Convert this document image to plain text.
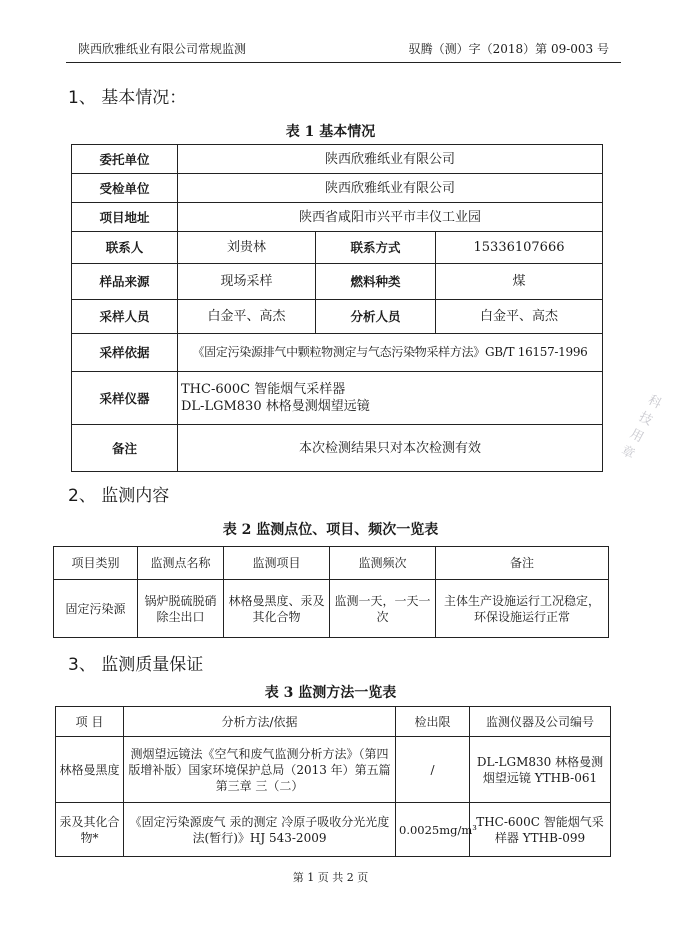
陕西欣雅纸业有限公司常规监测	驭腾（测）字（2018）第 09-003 号
1、 基本情况：
表 1 基本情况
委托单位	陕西欣雅纸业有限公司		
受检单位	陕西欣雅纸业有限公司		
项目地址	陕西省咸阳市兴平市丰仪工业园		
联系人	刘贵林	联系方式	15336107666
样品来源	现场采样	燃料种类	煤
采样人员	白金平、高杰	分析人员	白金平、高杰
采样依据	《固定污染源排气中颗粒物测定与气态污染物采样方法》GB/T 16157-1996		
采样仪器	THC-600C 智能烟气采样器
DL-LGM830 林格曼测烟望远镜		

备注	本次检测结果只对本次检测有效		
2、 监测内容
表 2 监测点位、项目、频次一览表
项目类别	监测点名称	监测项目	监测频次	备注
固定污染源	锅炉脱硫脱硝除尘出口	林格曼黑度、汞及其化合物	监测一天，一天一次	主体生产设施运行工况稳定，环保设施运行正常
3、 监测质量保证
表 3 监测方法一览表
项 目	分析方法/依据	检出限	监测仪器及公司编号
林格曼黑度	测烟望远镜法《空气和废气监测分析方法》（第四版增补版）国家环境保护总局（2013 年）第五篇 第三章 三（二）	/	DL-LGM830 林格曼测烟望远镜 YTHB-061
汞及其化合物*	《固定污染源废气 汞的测定 冷原子吸收分光光度法(暂行)》HJ 543-2009	0.0025mg/m³	THC-600C 智能烟气采样器 YTHB-099
第 1 页 共 2 页
科技 用章
